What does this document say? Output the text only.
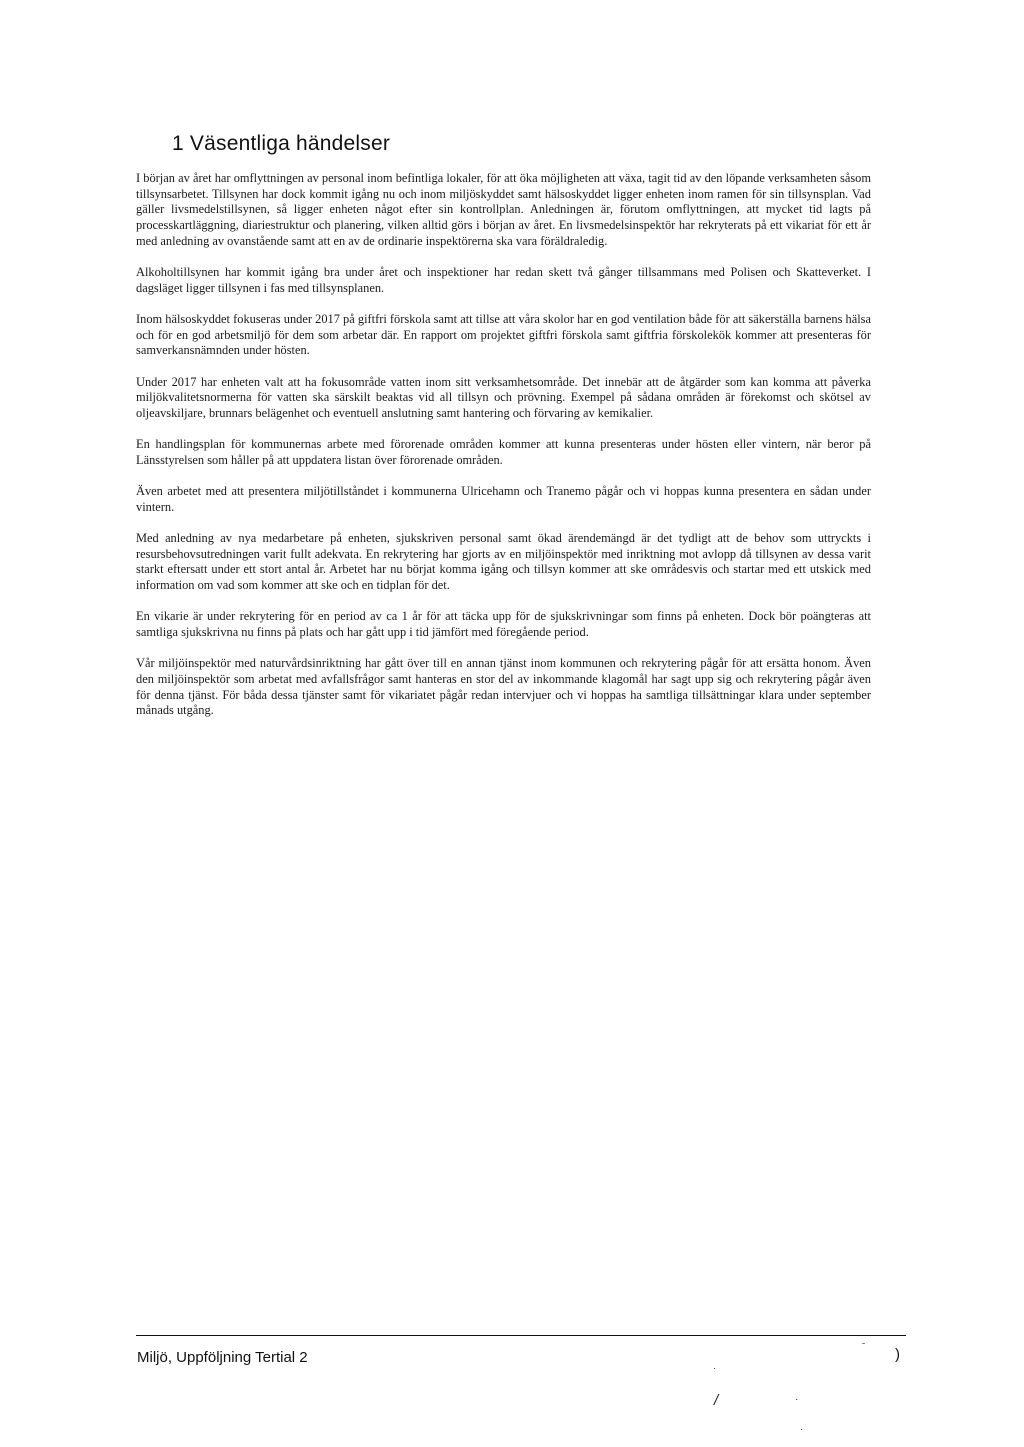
1 Väsentliga händelser

I början av året har omflyttningen av personal inom befintliga lokaler, för att öka möjligheten att växa, tagit tid av den löpande verksamheten såsom tillsynsarbetet. Tillsynen har dock kommit igång nu och inom miljöskyddet samt hälsoskyddet ligger enheten inom ramen för sin tillsynsplan. Vad gäller livsmedelstillsynen, så ligger enheten något efter sin kontrollplan. Anledningen är, förutom omflyttningen, att mycket tid lagts på processkartläggning, diariestruktur och planering, vilken alltid görs i början av året. En livsmedelsinspektör har rekryterats på ett vikariat för ett år med anledning av ovanstående samt att en av de ordinarie inspektörerna ska vara föräldraledig.

Alkoholtillsynen har kommit igång bra under året och inspektioner har redan skett två gånger tillsammans med Polisen och Skatteverket. I dagsläget ligger tillsynen i fas med tillsynsplanen.

Inom hälsoskyddet fokuseras under 2017 på giftfri förskola samt att tillse att våra skolor har en god ventilation både för att säkerställa barnens hälsa och för en god arbetsmiljö för dem som arbetar där. En rapport om projektet giftfri förskola samt giftfria förskolekök kommer att presenteras för samverkansnämnden under hösten.

Under 2017 har enheten valt att ha fokusområde vatten inom sitt verksamhetsområde. Det innebär att de åtgärder som kan komma att påverka miljökvalitetsnormerna för vatten ska särskilt beaktas vid all tillsyn och prövning. Exempel på sådana områden är förekomst och skötsel av oljeavskiljare, brunnars belägenhet och eventuell anslutning samt hantering och förvaring av kemikalier.

En handlingsplan för kommunernas arbete med förorenade områden kommer att kunna presenteras under hösten eller vintern, när beror på Länsstyrelsen som håller på att uppdatera listan över förorenade områden.

Även arbetet med att presentera miljötillståndet i kommunerna Ulricehamn och Tranemo pågår och vi hoppas kunna presentera en sådan under vintern.

Med anledning av nya medarbetare på enheten, sjukskriven personal samt ökad ärendemängd är det tydligt att de behov som uttryckts i resursbehovsutredningen varit fullt adekvata. En rekrytering har gjorts av en miljöinspektör med inriktning mot avlopp då tillsynen av dessa varit starkt eftersatt under ett stort antal år. Arbetet har nu börjat komma igång och tillsyn kommer att ske områdesvis och startar med ett utskick med information om vad som kommer att ske och en tidplan för det.

En vikarie är under rekrytering för en period av ca 1 år för att täcka upp för de sjukskrivningar som finns på enheten. Dock bör poängteras att samtliga sjukskrivna nu finns på plats och har gått upp i tid jämfört med föregående period.

Vår miljöinspektör med naturvårdsinriktning har gått över till en annan tjänst inom kommunen och rekrytering pågår för att ersätta honom. Även den miljöinspektör som arbetat med avfallsfrågor samt hanteras en stor del av inkommande klagomål har sagt upp sig och rekrytering pågår även för denna tjänst. För båda dessa tjänster samt för vikariatet pågår redan intervjuer och vi hoppas ha samtliga tillsättningar klara under september månads utgång.

Miljö, Uppföljning Tertial 2	)
·
/	·
·
ˉ
